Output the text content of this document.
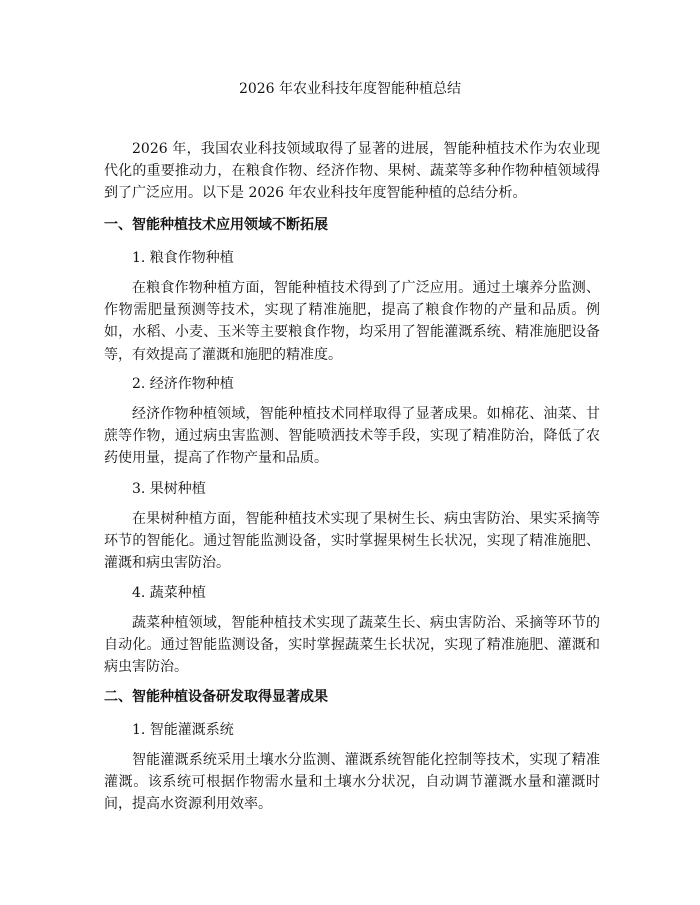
2026 年农业科技年度智能种植总结

2026 年，我国农业科技领域取得了显著的进展，智能种植技术作为农业现代化的重要推动力，在粮食作物、经济作物、果树、蔬菜等多种作物种植领域得到了广泛应用。以下是 2026 年农业科技年度智能种植的总结分析。

一、智能种植技术应用领域不断拓展
1. 粮食作物种植

在粮食作物种植方面，智能种植技术得到了广泛应用。通过土壤养分监测、作物需肥量预测等技术，实现了精准施肥，提高了粮食作物的产量和品质。例如，水稻、小麦、玉米等主要粮食作物，均采用了智能灌溉系统、精准施肥设备等，有效提高了灌溉和施肥的精准度。

2. 经济作物种植

经济作物种植领域，智能种植技术同样取得了显著成果。如棉花、油菜、甘蔗等作物，通过病虫害监测、智能喷洒技术等手段，实现了精准防治，降低了农药使用量，提高了作物产量和品质。

3. 果树种植

在果树种植方面，智能种植技术实现了果树生长、病虫害防治、果实采摘等环节的智能化。通过智能监测设备，实时掌握果树生长状况，实现了精准施肥、灌溉和病虫害防治。

4. 蔬菜种植

蔬菜种植领域，智能种植技术实现了蔬菜生长、病虫害防治、采摘等环节的自动化。通过智能监测设备，实时掌握蔬菜生长状况，实现了精准施肥、灌溉和病虫害防治。

二、智能种植设备研发取得显著成果
1. 智能灌溉系统

智能灌溉系统采用土壤水分监测、灌溉系统智能化控制等技术，实现了精准灌溉。该系统可根据作物需水量和土壤水分状况，自动调节灌溉水量和灌溉时间，提高水资源利用效率。
